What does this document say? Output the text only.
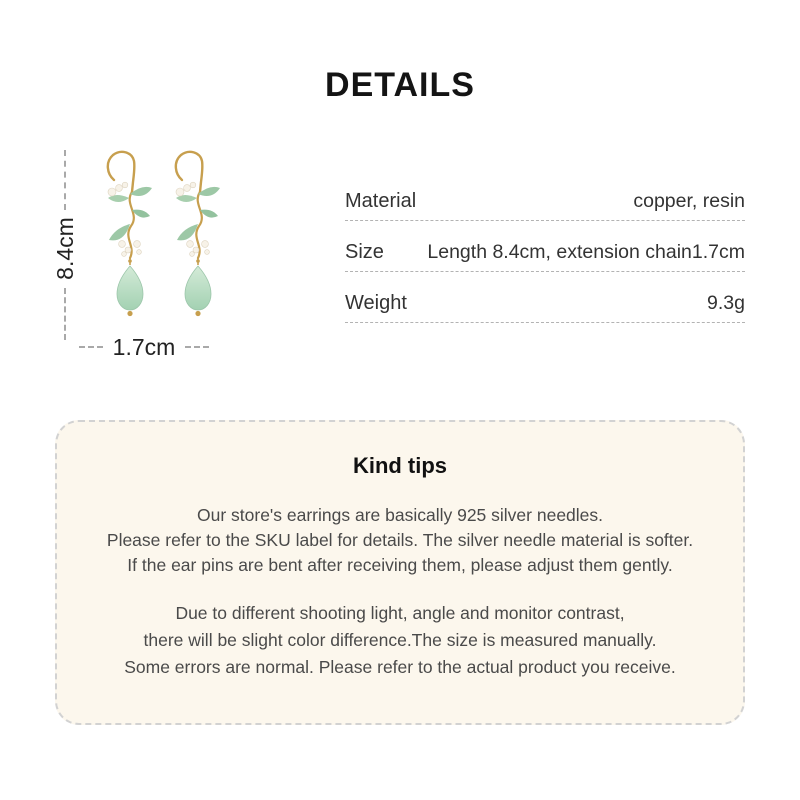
DETAILS
8.4cm
1.7cm
Material	copper, resin
Size Length 8.4cm, extension chain1.7cm
Weight	9.3g
Kind tips

Our store's earrings are basically 925 silver needles.
Please refer to the SKU label for details. The silver needle material is softer.
If the ear pins are bent after receiving them, please adjust them gently.

Due to different shooting light, angle and monitor contrast,
there will be slight color difference.The size is measured manually.
Some errors are normal. Please refer to the actual product you receive.
